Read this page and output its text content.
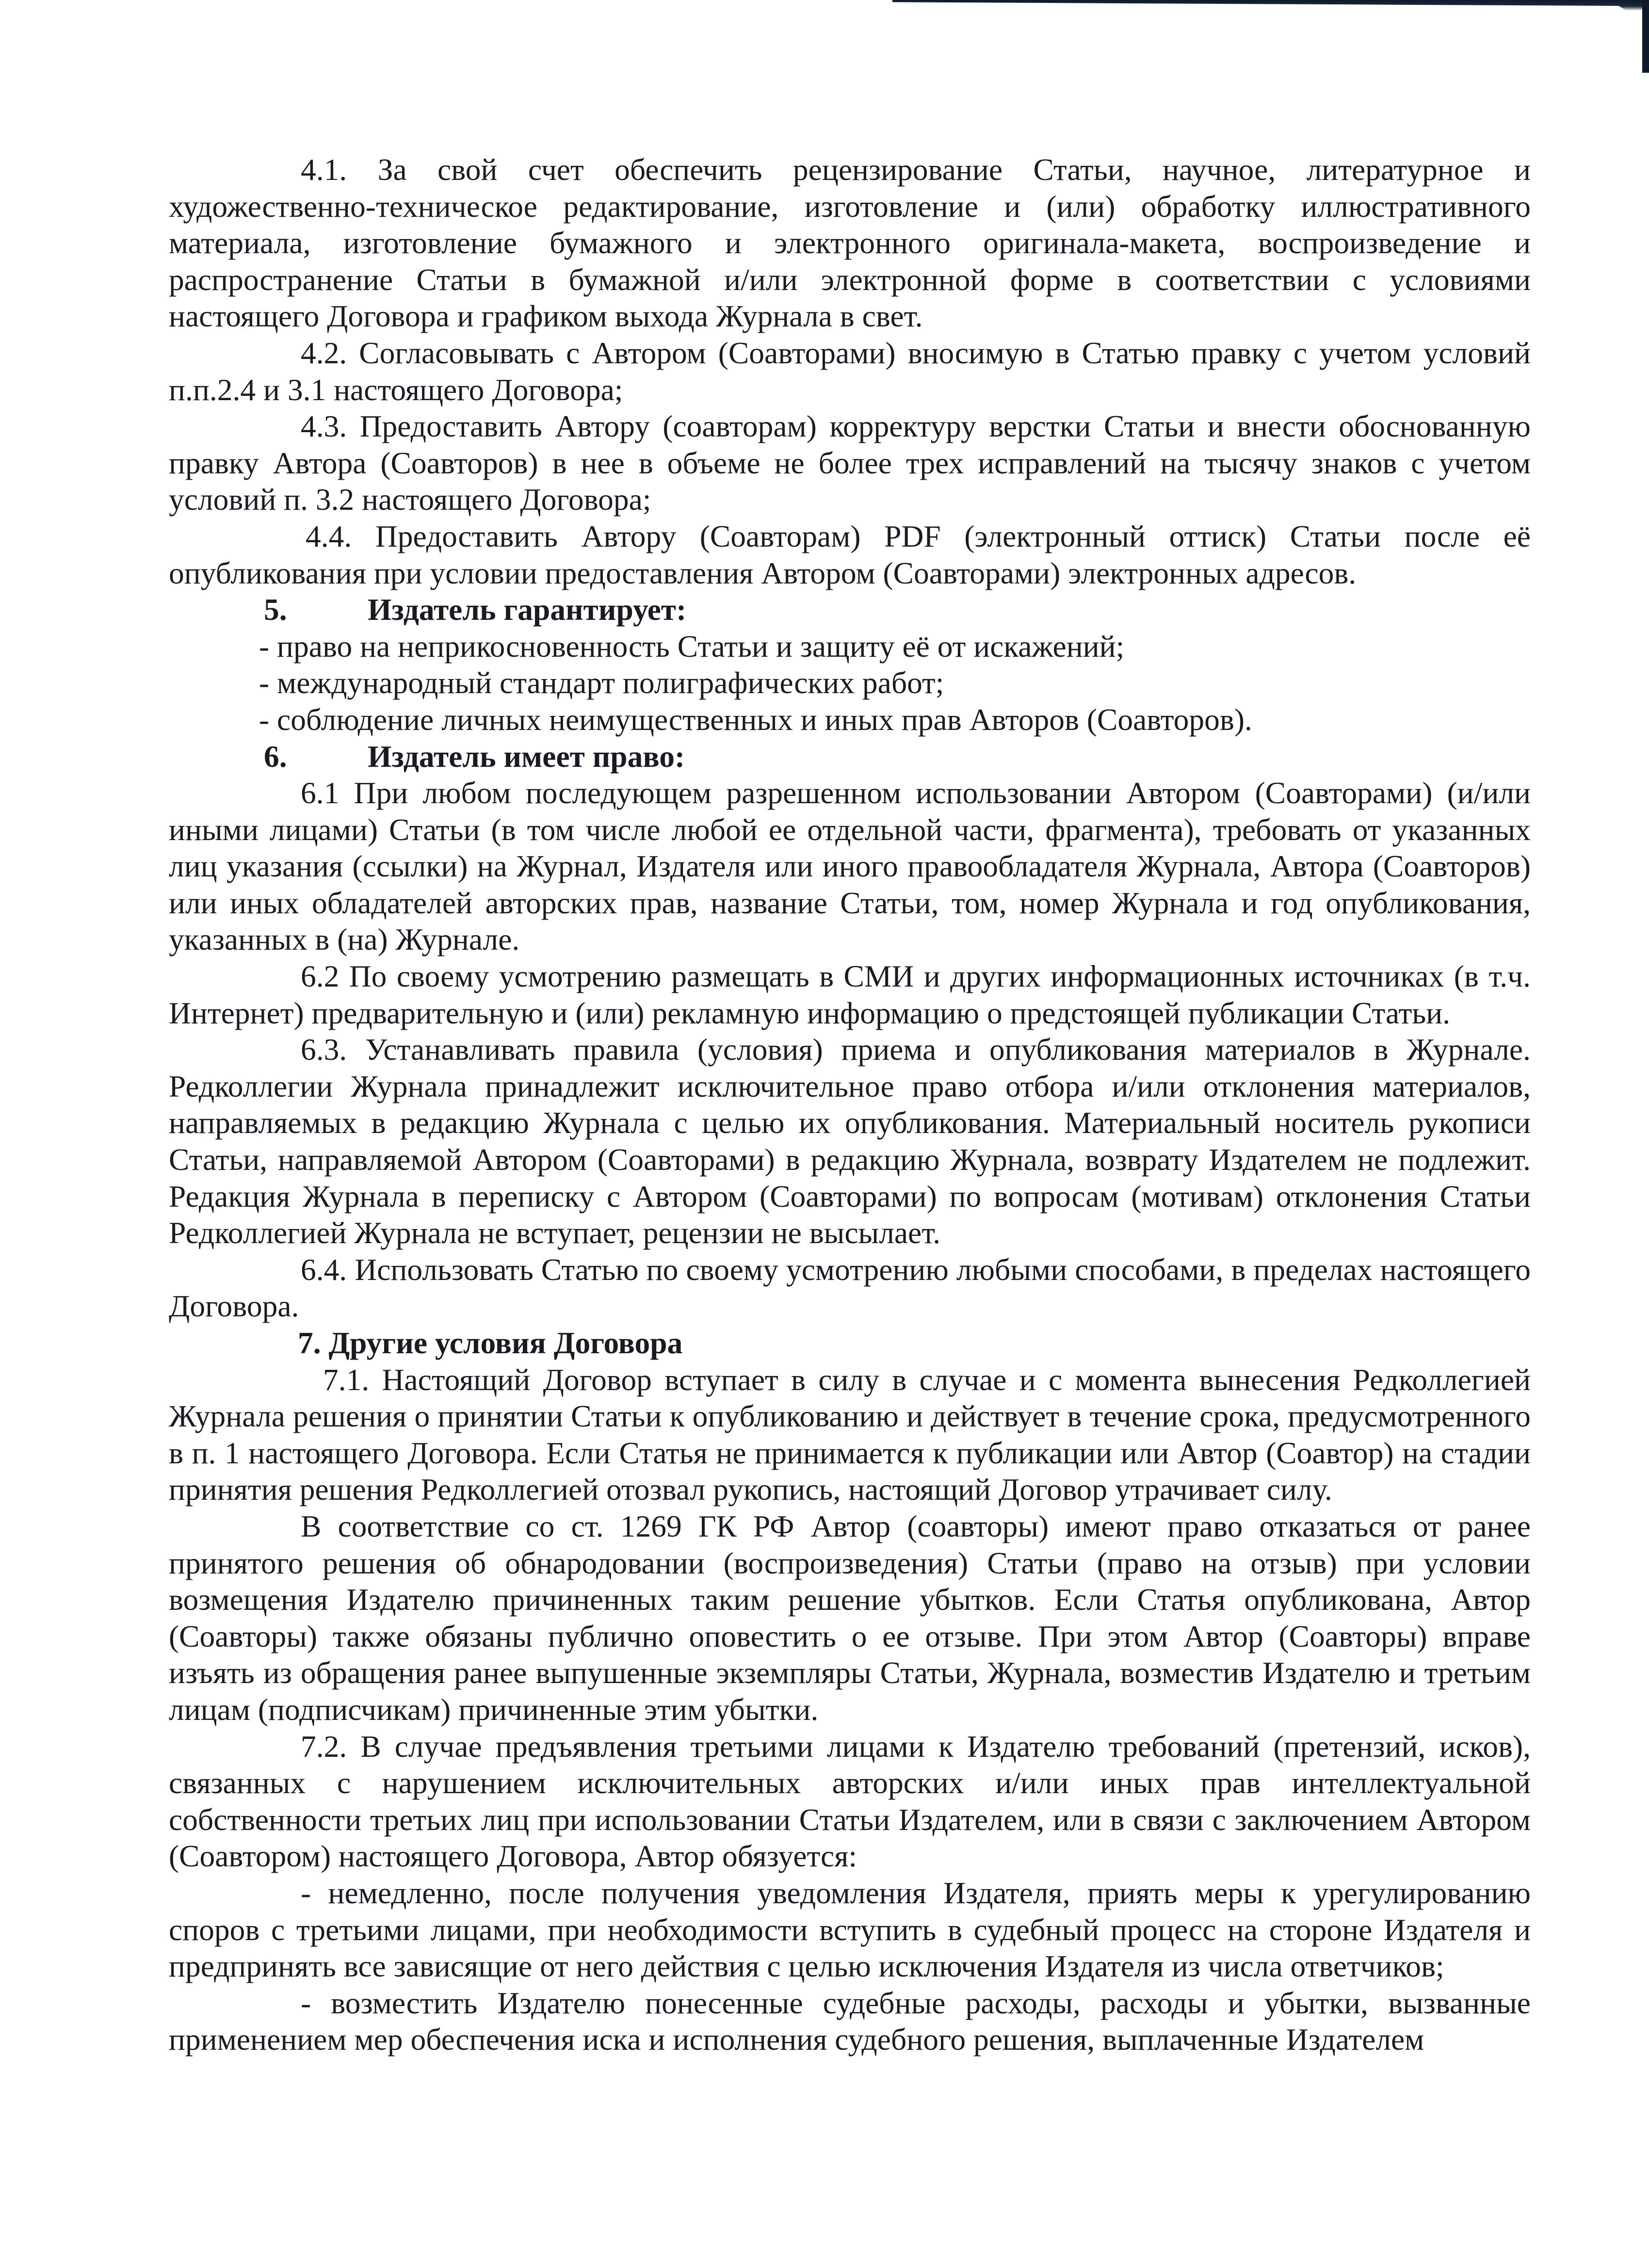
4.1. За свой счет обеспечить рецензирование Статьи, научное, литературное и художественно-техническое редактирование, изготовление и (или) обработку иллюстративного материала, изготовление бумажного и электронного оригинала-макета, воспроизведение и распространение Статьи в бумажной и/или электронной форме в соответствии с условиями настоящего Договора и графиком выхода Журнала в свет.

4.2. Согласовывать с Автором (Соавторами) вносимую в Статью правку с учетом условий п.п.2.4 и 3.1 настоящего Договора;

4.3. Предоставить Автору (соавторам) корректуру верстки Статьи и внести обоснованную правку Автора (Соавторов) в нее в объеме не более трех исправлений на тысячу знаков с учетом условий п. 3.2 настоящего Договора;

4.4. Предоставить Автору (Соавторам) PDF (электронный оттиск) Статьи после её опубликования при условии предоставления Автором (Соавторами) электронных адресов.

5.	Издатель гарантирует:

- право на неприкосновенность Статьи и защиту её от искажений;

- международный стандарт полиграфических работ;

- соблюдение личных неимущественных и иных прав Авторов (Соавторов).

6.	Издатель имеет право:

6.1 При любом последующем разрешенном использовании Автором (Соавторами) (и/или иными лицами) Статьи (в том числе любой ее отдельной части, фрагмента), требовать от указанных лиц указания (ссылки) на Журнал, Издателя или иного правообладателя Журнала, Автора (Соавторов) или иных обладателей авторских прав, название Статьи, том, номер Журнала и год опубликования, указанных в (на) Журнале.

6.2 По своему усмотрению размещать в СМИ и других информационных источниках (в т.ч. Интернет) предварительную и (или) рекламную информацию о предстоящей публикации Статьи.

6.3. Устанавливать правила (условия) приема и опубликования материалов в Журнале. Редколлегии Журнала принадлежит исключительное право отбора и/или отклонения материалов, направляемых в редакцию Журнала с целью их опубликования. Материальный носитель рукописи Статьи, направляемой Автором (Соавторами) в редакцию Журнала, возврату Издателем не подлежит. Редакция Журнала в переписку с Автором (Соавторами) по вопросам (мотивам) отклонения Статьи Редколлегией Журнала не вступает, рецензии не высылает.

6.4. Использовать Статью по своему усмотрению любыми способами, в пределах настоящего Договора.

7. Другие условия Договора

7.1. Настоящий Договор вступает в силу в случае и с момента вынесения Редколлегией Журнала решения о принятии Статьи к опубликованию и действует в течение срока, предусмотренного в п. 1 настоящего Договора. Если Статья не принимается к публикации или Автор (Соавтор) на стадии принятия решения Редколлегией отозвал рукопись, настоящий Договор утрачивает силу.

В соответствие со ст. 1269 ГК РФ Автор (соавторы) имеют право отказаться от ранее принятого решения об обнародовании (воспроизведения) Статьи (право на отзыв) при условии возмещения Издателю причиненных таким решение убытков. Если Статья опубликована, Автор (Соавторы) также обязаны публично оповестить о ее отзыве. При этом Автор (Соавторы) вправе изъять из обращения ранее выпушенные экземпляры Статьи, Журнала, возместив Издателю и третьим лицам (подписчикам) причиненные этим убытки.

7.2. В случае предъявления третьими лицами к Издателю требований (претензий, исков), связанных с нарушением исключительных авторских и/или иных прав интеллектуальной собственности третьих лиц при использовании Статьи Издателем, или в связи с заключением Автором (Соавтором) настоящего Договора, Автор обязуется:

- немедленно, после получения уведомления Издателя, приять меры к урегулированию споров с третьими лицами, при необходимости вступить в судебный процесс на стороне Издателя и предпринять все зависящие от него действия с целью исключения Издателя из числа ответчиков;

- возместить Издателю понесенные судебные расходы, расходы и убытки, вызванные применением мер обеспечения иска и исполнения судебного решения, выплаченные Издателем
